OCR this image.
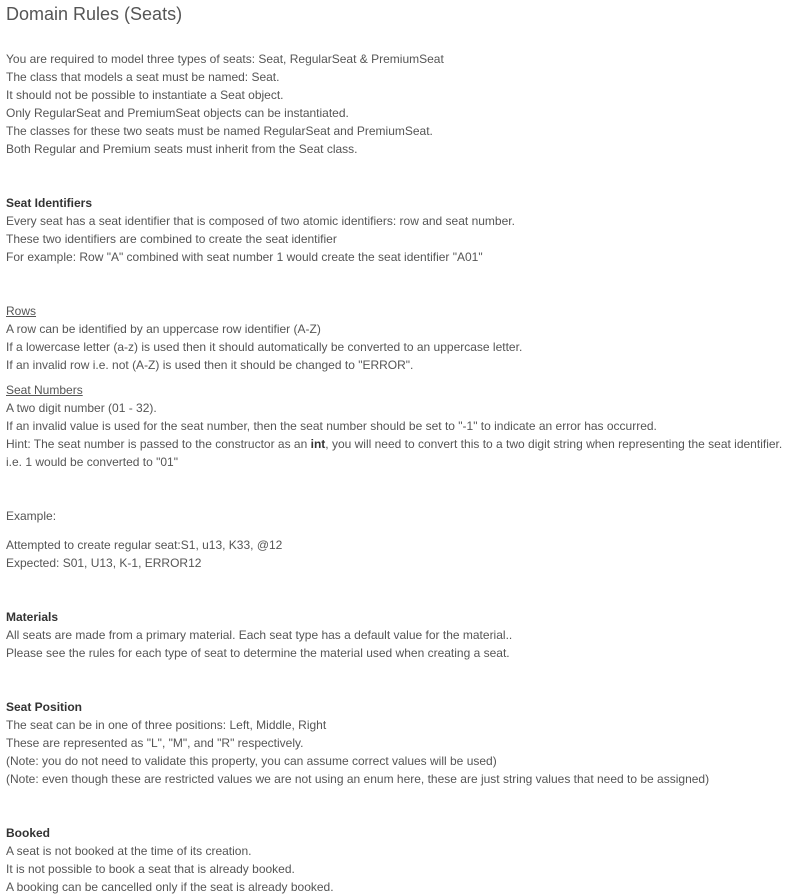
Domain Rules (Seats)
You are required to model three types of seats: Seat, RegularSeat & PremiumSeat
The class that models a seat must be named: Seat.
It should not be possible to instantiate a Seat object.
Only RegularSeat and PremiumSeat objects can be instantiated.
The classes for these two seats must be named RegularSeat and PremiumSeat.
Both Regular and Premium seats must inherit from the Seat class.
Seat Identifiers
Every seat has a seat identifier that is composed of two atomic identifiers: row and seat number.
These two identifiers are combined to create the seat identifier
For example: Row "A" combined with seat number 1 would create the seat identifier "A01"
Rows
A row can be identified by an uppercase row identifier (A-Z)
If a lowercase letter (a-z) is used then it should automatically be converted to an uppercase letter.
If an invalid row i.e. not (A-Z) is used then it should be changed to "ERROR".
Seat Numbers
A two digit number (01 - 32).
If an invalid value is used for the seat number, then the seat number should be set to "-1" to indicate an error has occurred.
Hint: The seat number is passed to the constructor as an int, you will need to convert this to a two digit string when representing the seat identifier. i.e. 1 would be converted to "01"
Example:
Attempted to create regular seat:S1, u13, K33, @12
Expected: S01, U13, K-1, ERROR12
Materials
All seats are made from a primary material. Each seat type has a default value for the material..
Please see the rules for each type of seat to determine the material used when creating a seat.
Seat Position
The seat can be in one of three positions: Left, Middle, Right
These are represented as "L", "M", and "R" respectively.
(Note: you do not need to validate this property, you can assume correct values will be used)
(Note: even though these are restricted values we are not using an enum here, these are just string values that need to be assigned)
Booked
A seat is not booked at the time of its creation.
It is not possible to book a seat that is already booked.
A booking can be cancelled only if the seat is already booked.
